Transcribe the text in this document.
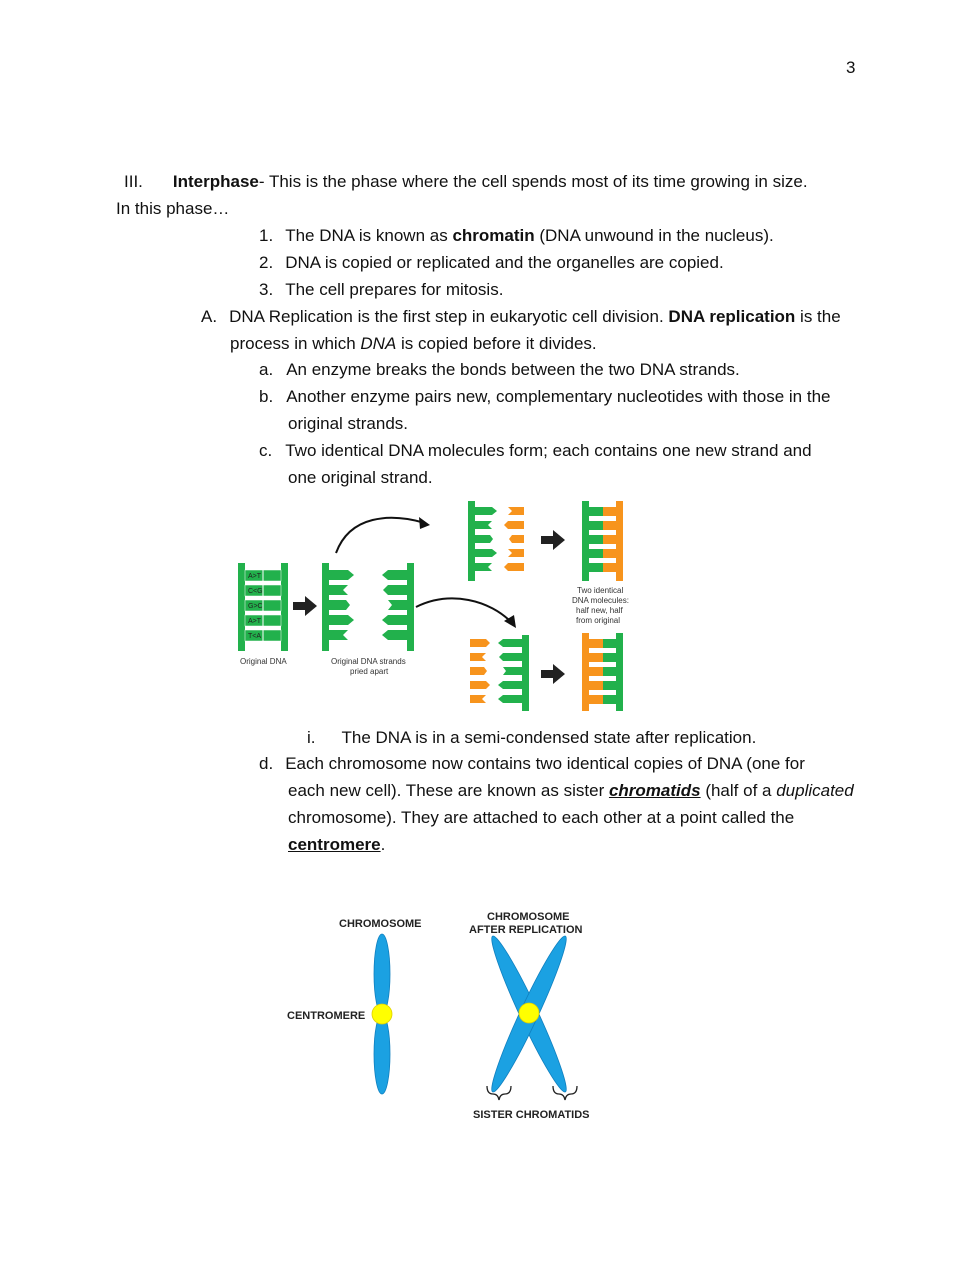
3
III. Interphase- This is the phase where the cell spends most of its time growing in size.
In this phase…
1. The DNA is known as chromatin (DNA unwound in the nucleus).
2. DNA is copied or replicated and the organelles are copied.
3. The cell prepares for mitosis.
A. DNA Replication is the first step in eukaryotic cell division. DNA replication is the
process in which DNA is copied before it divides.
a. An enzyme breaks the bonds between the two DNA strands.
b. Another enzyme pairs new, complementary nucleotides with those in the
original strands.
c. Two identical DNA molecules form; each contains one new strand and
one original strand.
A>T
C<G
G>C
A>T
T<A
Original DNA	Original DNA strands
pried apart
Two identical
DNA molecules:
half new, half
from original
i. The DNA is in a semi-condensed state after replication.
d. Each chromosome now contains two identical copies of DNA (one for
each new cell). These are known as sister chromatids (half of a duplicated
chromosome). They are attached to each other at a point called the
centromere.
CHROMOSOME
CHROMOSOME
AFTER REPLICATION
CENTROMERE
SISTER CHROMATIDS
